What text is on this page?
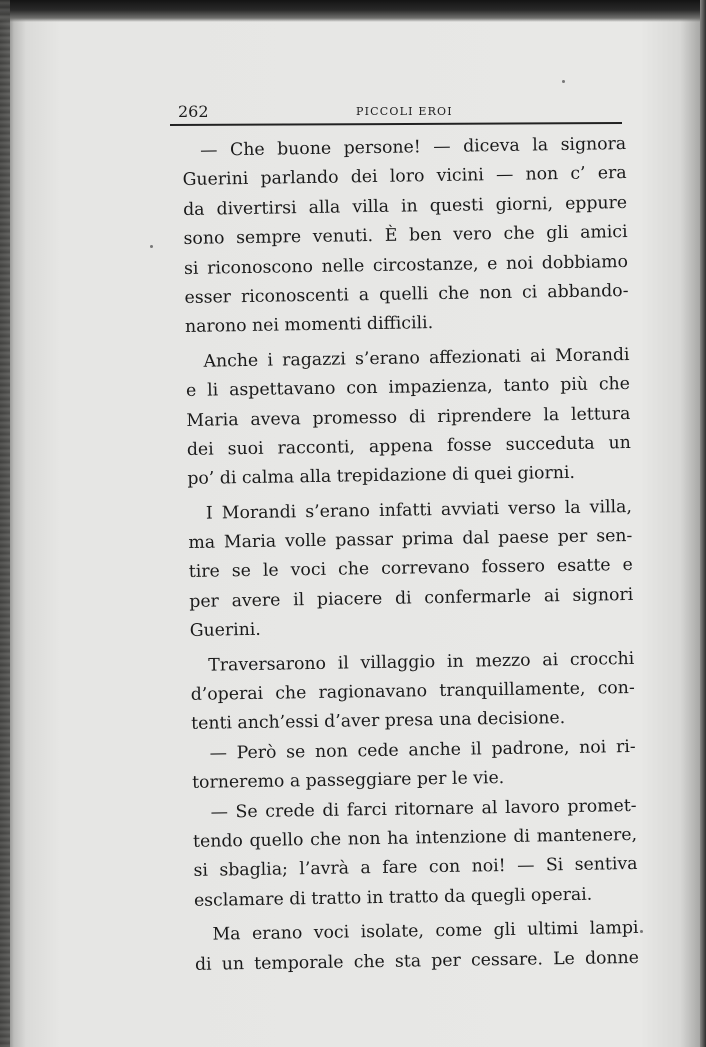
262	PICCOLI EROI
— Che buone persone! — diceva la signora
Guerini parlando dei loro vicini — non c’ era
da divertirsi alla villa in questi giorni, eppure
sono sempre venuti. È ben vero che gli amici
si riconoscono nelle circostanze, e noi dobbiamo
esser riconoscenti a quelli che non ci abbando-
narono nei momenti difficili.
Anche i ragazzi s’erano affezionati ai Morandi
e li aspettavano con impazienza, tanto più che
Maria aveva promesso di riprendere la lettura
dei suoi racconti, appena fosse succeduta un
po’ di calma alla trepidazione di quei giorni.
I Morandi s’erano infatti avviati verso la villa,
ma Maria volle passar prima dal paese per sen-
tire se le voci che correvano fossero esatte e
per avere il piacere di confermarle ai signori
Guerini.
Traversarono il villaggio in mezzo ai crocchi
d’operai che ragionavano tranquillamente, con-
tenti anch’essi d’aver presa una decisione.
— Però se non cede anche il padrone, noi ri-
torneremo a passeggiare per le vie.
— Se crede di farci ritornare al lavoro promet-
tendo quello che non ha intenzione di mantenere,
si sbaglia; l’avrà a fare con noi! — Si sentiva
esclamare di tratto in tratto da quegli operai.
Ma erano voci isolate, come gli ultimi lampi
di un temporale che sta per cessare. Le donne
